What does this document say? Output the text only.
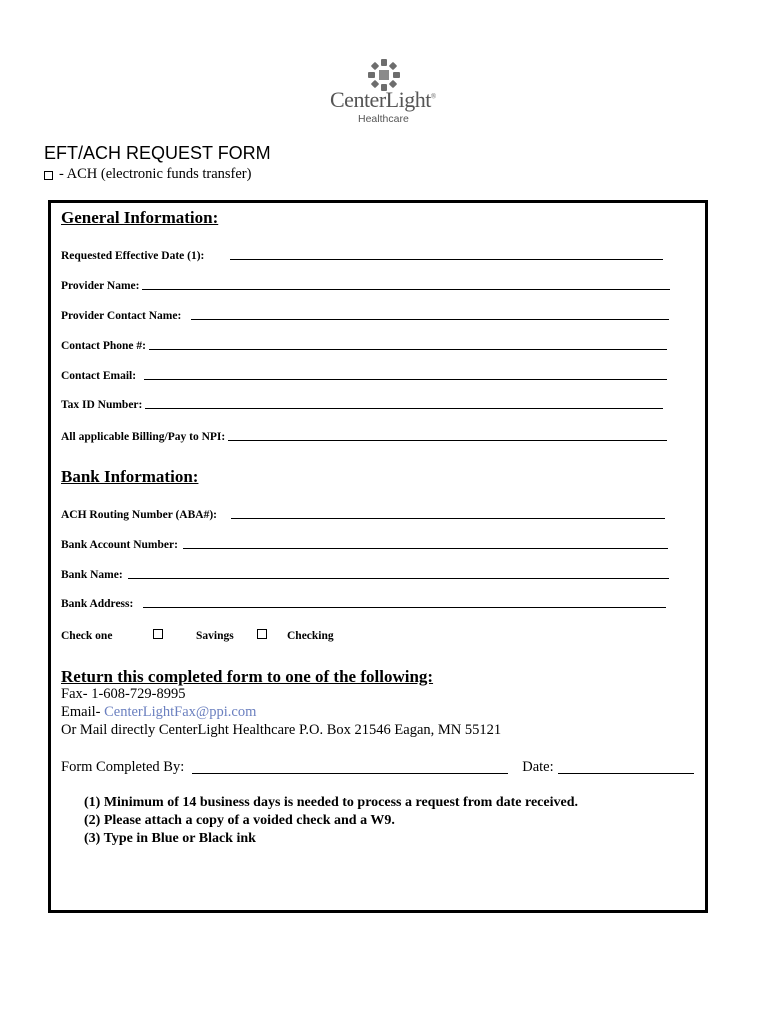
CenterLight®
Healthcare
EFT/ACH REQUEST FORM
- ACH (electronic funds transfer)
General Information:
Requested Effective Date (1):
Provider Name:
Provider Contact Name:
Contact Phone #:
Contact Email:
Tax ID Number:
All applicable Billing/Pay to NPI:
Bank Information:
ACH Routing Number (ABA#):
Bank Account Number:
Bank Name:
Bank Address:
Check one	Savings	Checking
Return this completed form to one of the following:
Fax- 1-608-729-8995
Email- CenterLightFax@ppi.com
Or Mail directly CenterLight Healthcare P.O. Box 21546 Eagan, MN 55121
Form Completed By:	Date:
(1) Minimum of 14 business days is needed to process a request from date received.
(2) Please attach a copy of a voided check and a W9.
(3) Type in Blue or Black ink
